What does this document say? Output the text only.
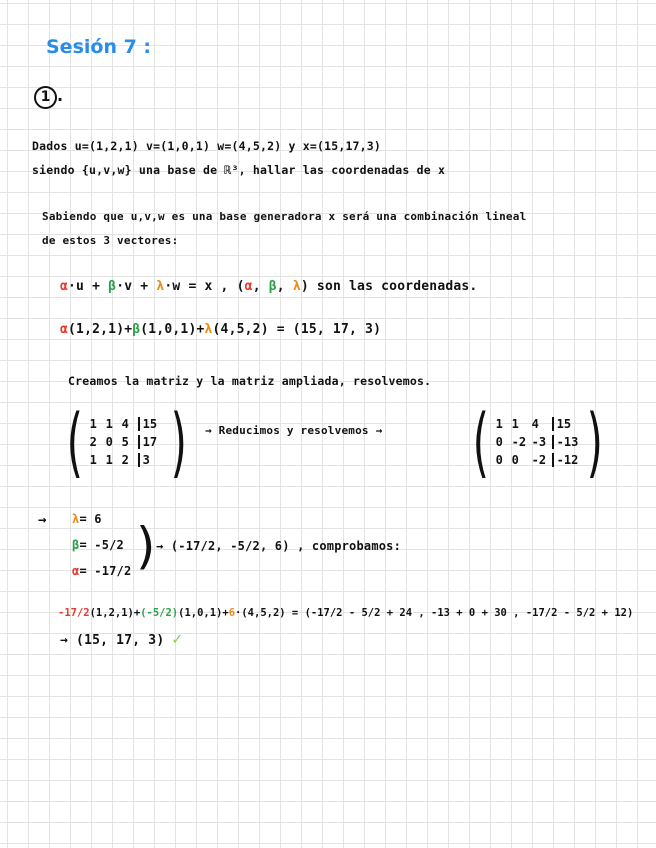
Sesión 7 :
1 .
Dados u=(1,2,1) v=(1,0,1) w=(4,5,2) y x=(15,17,3)
siendo {u,v,w} una base de ℝ³, hallar las coordenadas de x
Sabiendo que u,v,w es una base generadora x será una combinación lineal
de estos 3 vectores:
α·u + β·v + λ·w = x , (α, β, λ) son las coordenadas.
α(1,2,1)+β(1,0,1)+λ(4,5,2) = (15, 17, 3)
Creamos la matriz y la matriz ampliada, resolvemos.
( 1 1 4	15
2 0 5	17
1 1 2	3 ) → Reducimos y resolvemos → ( 1 1	4	15
0 -2 -3 -13
0 0	-2 -12 )
→ λ= 6
β= -5/2
α= -17/2 ) → (-17/2, -5/2, 6) , comprobamos:
-17/2(1,2,1)+(-5/2)(1,0,1)+6·(4,5,2) = (-17/2 - 5/2 + 24 , -13 + 0 + 30 , -17/2 - 5/2 + 12)
→ (15, 17, 3) ✓
